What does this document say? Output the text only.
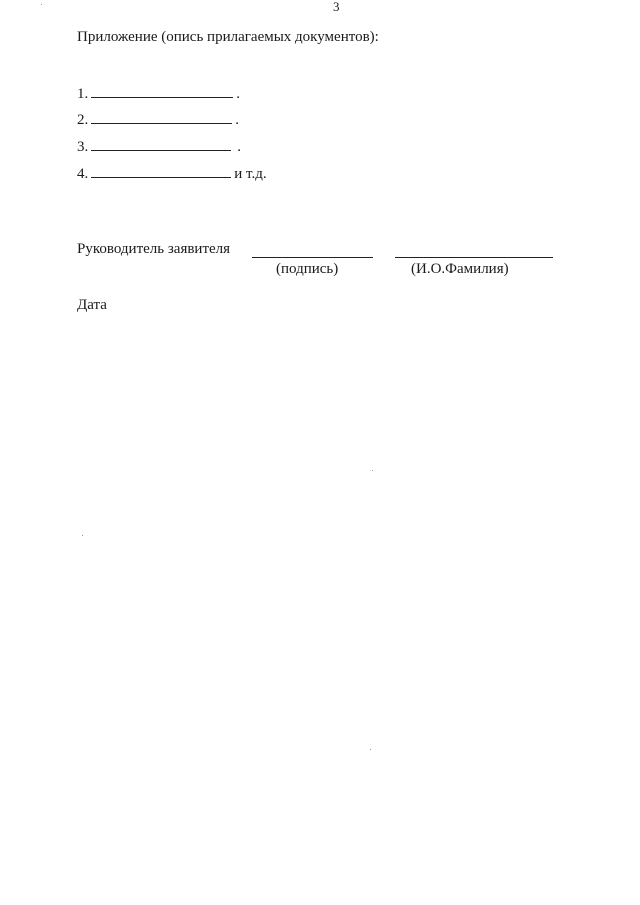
3
Приложение (опись прилагаемых документов):
1.	.
2.	.
3.	.
4.	и т.д.
Руководитель заявителя
(подпись)	(И.О.Фамилия)
Дата
